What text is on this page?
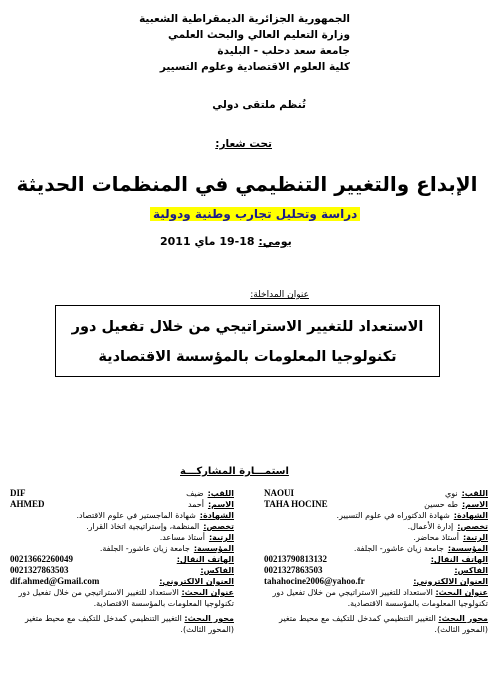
الجمهورية الجزائرية الديمقراطية الشعبية
وزارة التعليم العالي والبحث العلمي
جامعة سعد دحلب - البليدة
كلية العلوم الاقتصادية وعلوم التسيير
تُنظم ملتقى دولي
تحت شعار:
الإبداع والتغيير التنظيمي في المنظمات الحديثة
دراسة وتحليل تجارب وطنية ودولية
يومي: 18-19 ماي 2011
عنوان المداخلة:
الاستعداد للتغيير الاستراتيجي من خلال تفعيل دور
تكنولوجيا المعلومات بالمؤسسة الاقتصادية
استمـــارة المشاركـــة
اللقب:
نوي
NAOUI
الاسم:
طه حسين
TAHA HOCINE
الشهادة:
شهادة الدكتوراه في علوم التسيير.
تخصص:
إدارة الأعمال.
الرتبة:
أستاذ محاضر.
المؤسسة:
جامعة زيان عاشور- الجلفة.
الهاتف النقال:
00213790813132
الفاكس:
0021327863503
العنوان الالكتروني:
tahahocine2006@yahoo.fr
عنوان البحث: الاستعداد للتغيير الاستراتيجي من خلال تفعيل دور تكنولوجيا المعلومات بالمؤسسة الاقتصادية.
محور البحث: التغيير التنظيمي كمدخل للتكيف مع محيط متغير (المحور الثالث).
اللقب:
ضيف
DIF
الاسم:
أحمد
AHMED
الشهادة:
شهادة الماجستير في علوم الاقتصاد.
تخصص:
المنظمة، وإستراتيجية اتخاذ القرار.
الرتبة:
أستاذ مساعد.
المؤسسة:
جامعة زيان عاشور- الجلفة.
الهاتف النقال:
00213662260049
الفاكس:
0021327863503
العنوان الالكتروني:
dif.ahmed@Gmail.com
عنوان البحث: الاستعداد للتغيير الاستراتيجي من خلال تفعيل دور تكنولوجيا المعلومات بالمؤسسة الاقتصادية.
محور البحث: التغيير التنظيمي كمدخل للتكيف مع محيط متغير (المحور الثالث).
